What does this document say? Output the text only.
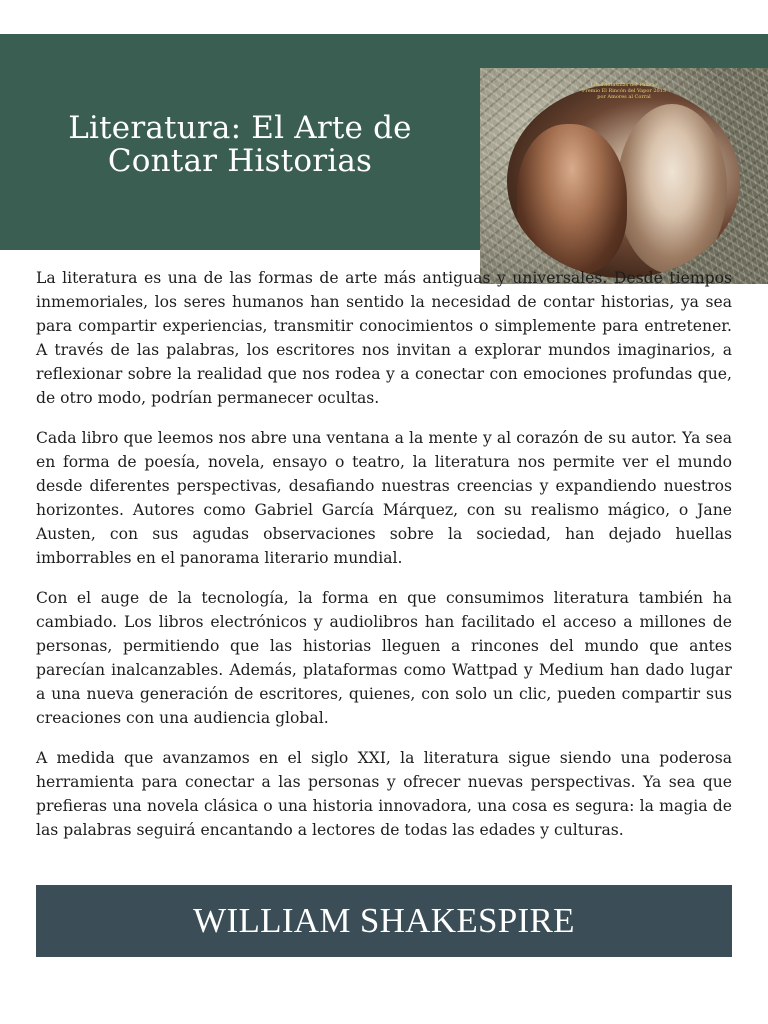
Literatura: El Arte de
Contar Historias
Los Fantasmas del Palacio
Premio El Rincón del Vapor 2013
por Amores al Corral

La literatura es una de las formas de arte más antiguas y universales. Desde tiempos inmemoriales, los seres humanos han sentido la necesidad de contar historias, ya sea para compartir experiencias, transmitir conocimientos o simplemente para entretener. A través de las palabras, los escritores nos invitan a explorar mundos imaginarios, a reflexionar sobre la realidad que nos rodea y a conectar con emociones profundas que, de otro modo, podrían permanecer ocultas.

Cada libro que leemos nos abre una ventana a la mente y al corazón de su autor. Ya sea en forma de poesía, novela, ensayo o teatro, la literatura nos permite ver el mundo desde diferentes perspectivas, desafiando nuestras creencias y expandiendo nuestros horizontes. Autores como Gabriel García Márquez, con su realismo mágico, o Jane Austen, con sus agudas observaciones sobre la sociedad, han dejado huellas imborrables en el panorama literario mundial.

Con el auge de la tecnología, la forma en que consumimos literatura también ha cambiado. Los libros electrónicos y audiolibros han facilitado el acceso a millones de personas, permitiendo que las historias lleguen a rincones del mundo que antes parecían inalcanzables. Además, plataformas como Wattpad y Medium han dado lugar a una nueva generación de escritores, quienes, con solo un clic, pueden compartir sus creaciones con una audiencia global.

A medida que avanzamos en el siglo XXI, la literatura sigue siendo una poderosa herramienta para conectar a las personas y ofrecer nuevas perspectivas. Ya sea que prefieras una novela clásica o una historia innovadora, una cosa es segura: la magia de las palabras seguirá encantando a lectores de todas las edades y culturas.

WILLIAM SHAKESPIRE
